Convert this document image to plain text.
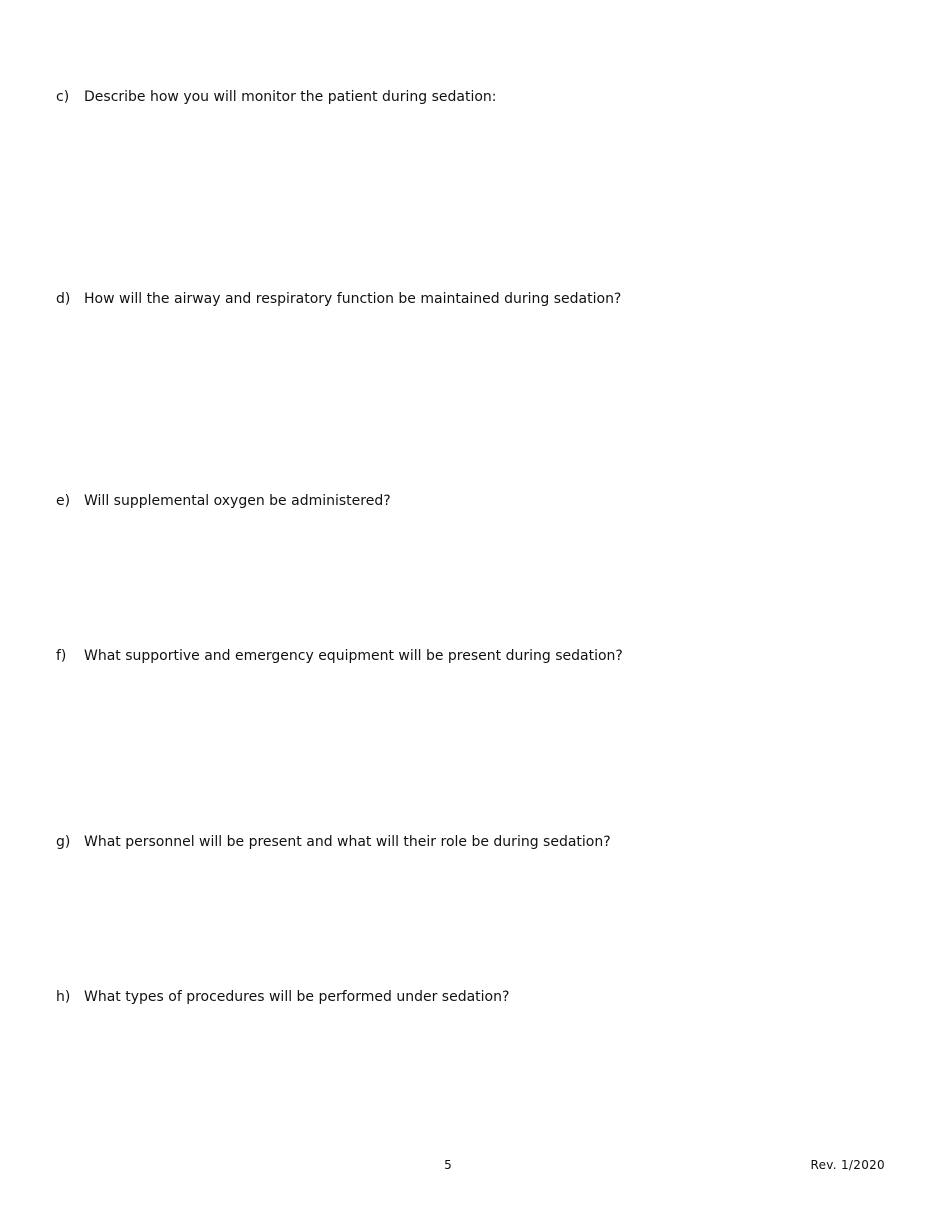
c) Describe how you will monitor the patient during sedation:
d) How will the airway and respiratory function be maintained during sedation?
e) Will supplemental oxygen be administered?
f) What supportive and emergency equipment will be present during sedation?
g) What personnel will be present and what will their role be during sedation?
h) What types of procedures will be performed under sedation?
5	Rev. 1/2020
